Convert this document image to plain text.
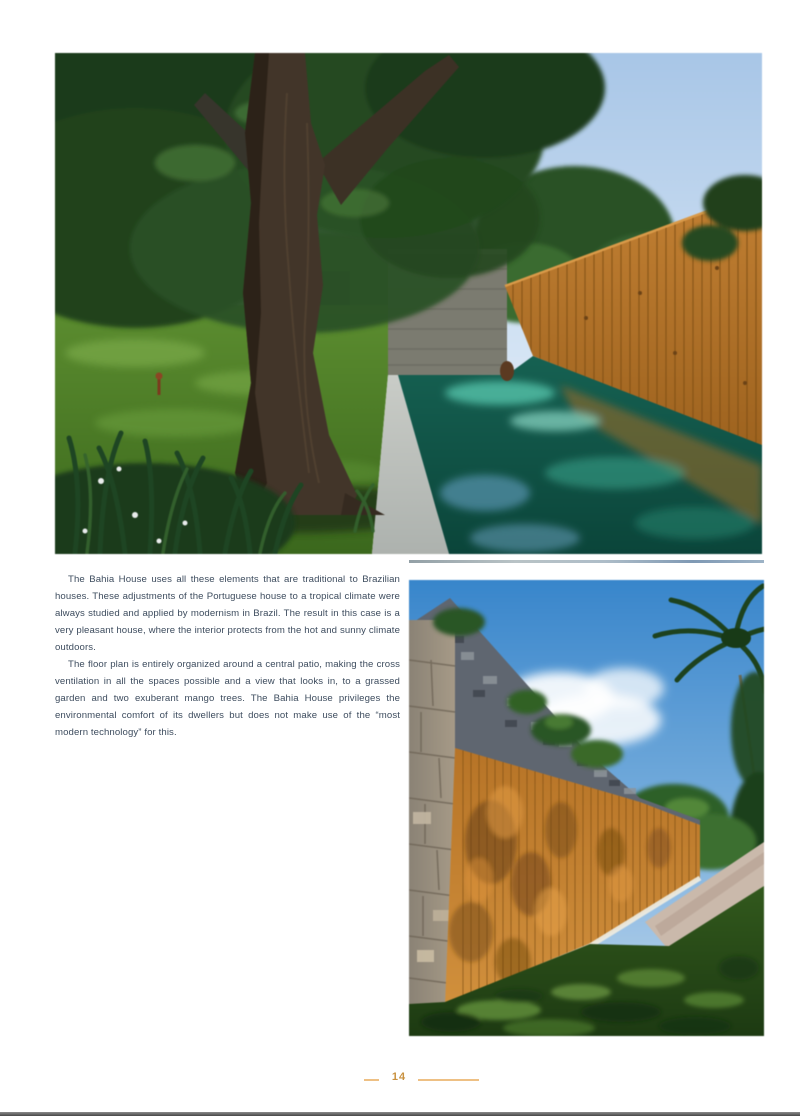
The Bahia House uses all these elements that are traditional to Brazilian houses. These adjustments of the Portuguese house to a tropical climate were always studied and applied by modernism in Brazil. The result in this case is a very pleasant house, where the interior protects from the hot and sunny climate outdoors.

The floor plan is entirely organized around a central patio, making the cross ventilation in all the spaces possible and a view that looks in, to a grassed garden and two exuberant mango trees. The Bahia House privileges the environmental comfort of its dwellers but does not make use of the “most modern technology” for this.

14
